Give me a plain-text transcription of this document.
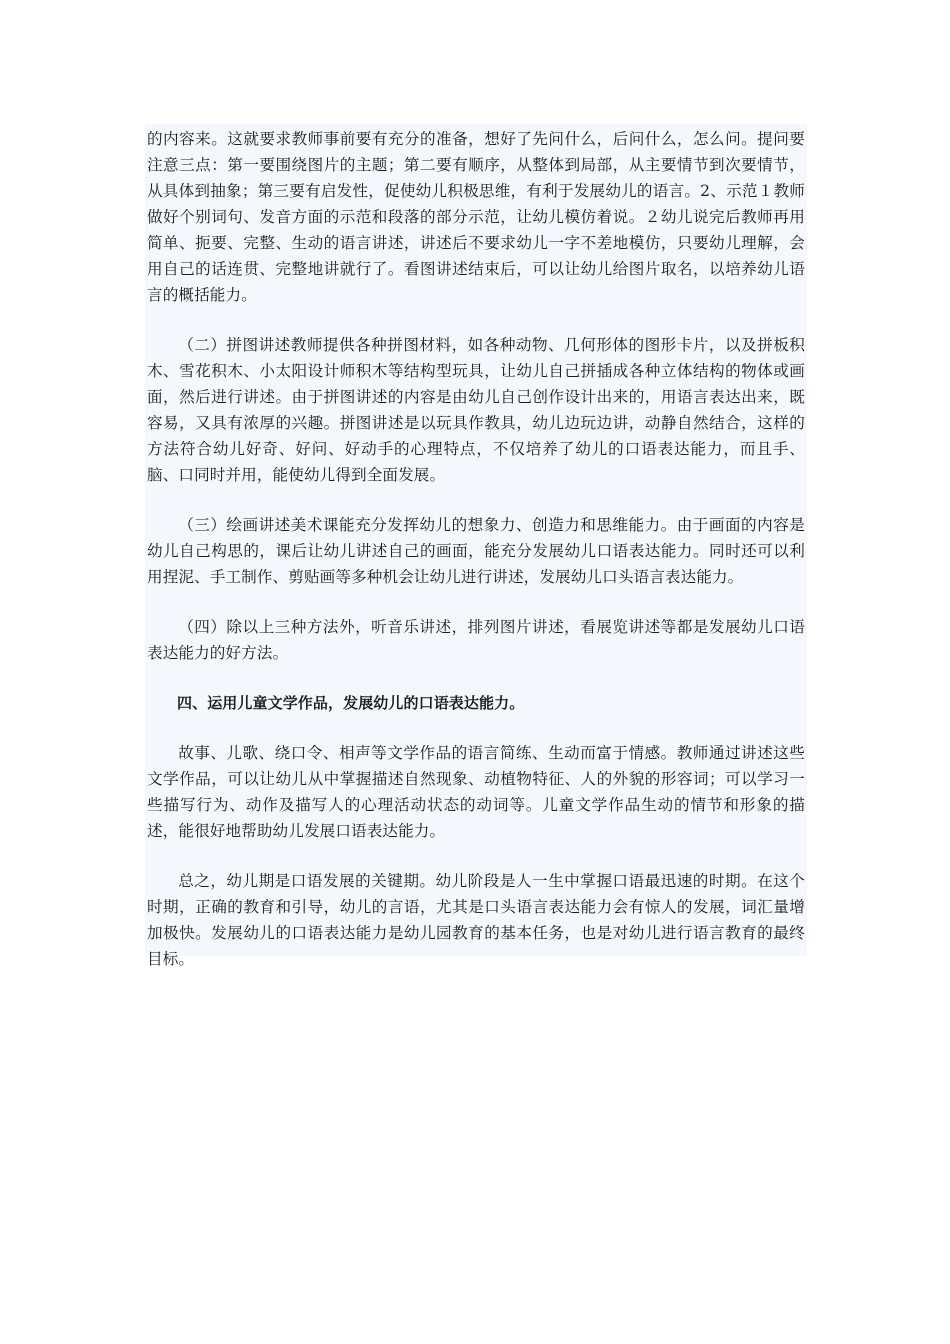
的内容来。这就要求教师事前要有充分的准备，想好了先问什么，后问什么，怎么问。提问要注意三点：第一要围绕图片的主题；第二要有顺序，从整体到局部，从主要情节到次要情节，从具体到抽象；第三要有启发性，促使幼儿积极思维，有利于发展幼儿的语言。2、示范１教师做好个别词句、发音方面的示范和段落的部分示范，让幼儿模仿着说。２幼儿说完后教师再用简单、扼要、完整、生动的语言讲述，讲述后不要求幼儿一字不差地模仿，只要幼儿理解，会用自己的话连贯、完整地讲就行了。看图讲述结束后，可以让幼儿给图片取名，以培养幼儿语言的概括能力。

（二）拼图讲述教师提供各种拼图材料，如各种动物、几何形体的图形卡片，以及拼板积木、雪花积木、小太阳设计师积木等结构型玩具，让幼儿自己拼插成各种立体结构的物体或画面，然后进行讲述。由于拼图讲述的内容是由幼儿自己创作设计出来的，用语言表达出来，既容易，又具有浓厚的兴趣。拼图讲述是以玩具作教具，幼儿边玩边讲，动静自然结合，这样的方法符合幼儿好奇、好问、好动手的心理特点，不仅培养了幼儿的口语表达能力，而且手、脑、口同时并用，能使幼儿得到全面发展。

（三）绘画讲述美术课能充分发挥幼儿的想象力、创造力和思维能力。由于画面的内容是幼儿自己构思的，课后让幼儿讲述自己的画面，能充分发展幼儿口语表达能力。同时还可以利用捏泥、手工制作、剪贴画等多种机会让幼儿进行讲述，发展幼儿口头语言表达能力。

（四）除以上三种方法外，听音乐讲述，排列图片讲述，看展览讲述等都是发展幼儿口语表达能力的好方法。

四、运用儿童文学作品，发展幼儿的口语表达能力。

故事、儿歌、绕口令、相声等文学作品的语言简练、生动而富于情感。教师通过讲述这些文学作品，可以让幼儿从中掌握描述自然现象、动植物特征、人的外貌的形容词；可以学习一些描写行为、动作及描写人的心理活动状态的动词等。儿童文学作品生动的情节和形象的描述，能很好地帮助幼儿发展口语表达能力。

总之，幼儿期是口语发展的关键期。幼儿阶段是人一生中掌握口语最迅速的时期。在这个时期，正确的教育和引导，幼儿的言语，尤其是口头语言表达能力会有惊人的发展，词汇量增加极快。发展幼儿的口语表达能力是幼儿园教育的基本任务，也是对幼儿进行语言教育的最终目标。
